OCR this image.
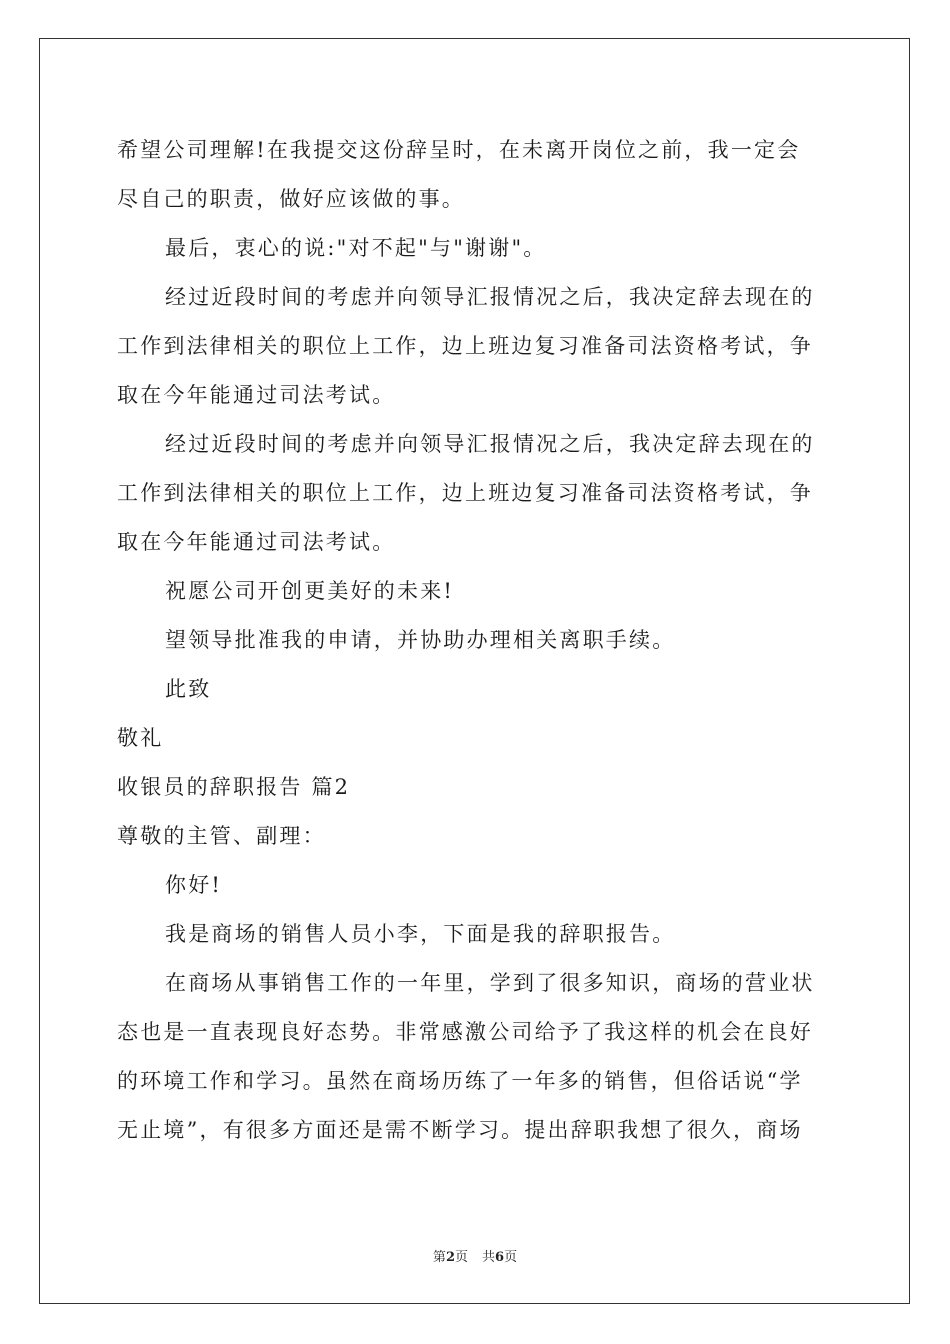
希望公司理解!在我提交这份辞呈时，在未离开岗位之前，我一定会
尽自己的职责，做好应该做的事。
最后，衷心的说:"对不起"与"谢谢"。
经过近段时间的考虑并向领导汇报情况之后，我决定辞去现在的
工作到法律相关的职位上工作，边上班边复习准备司法资格考试，争
取在今年能通过司法考试。
经过近段时间的考虑并向领导汇报情况之后，我决定辞去现在的
工作到法律相关的职位上工作，边上班边复习准备司法资格考试，争
取在今年能通过司法考试。
祝愿公司开创更美好的未来!
望领导批准我的申请，并协助办理相关离职手续。
此致
敬礼
收银员的辞职报告 篇2
尊敬的主管、副理：
你好!
我是商场的销售人员小李，下面是我的辞职报告。
在商场从事销售工作的一年里，学到了很多知识，商场的营业状
态也是一直表现良好态势。非常感激公司给予了我这样的机会在良好
的环境工作和学习。虽然在商场历练了一年多的销售，但俗话说“学
无止境”，有很多方面还是需不断学习。提出辞职我想了很久，商场
第2页 共6页
